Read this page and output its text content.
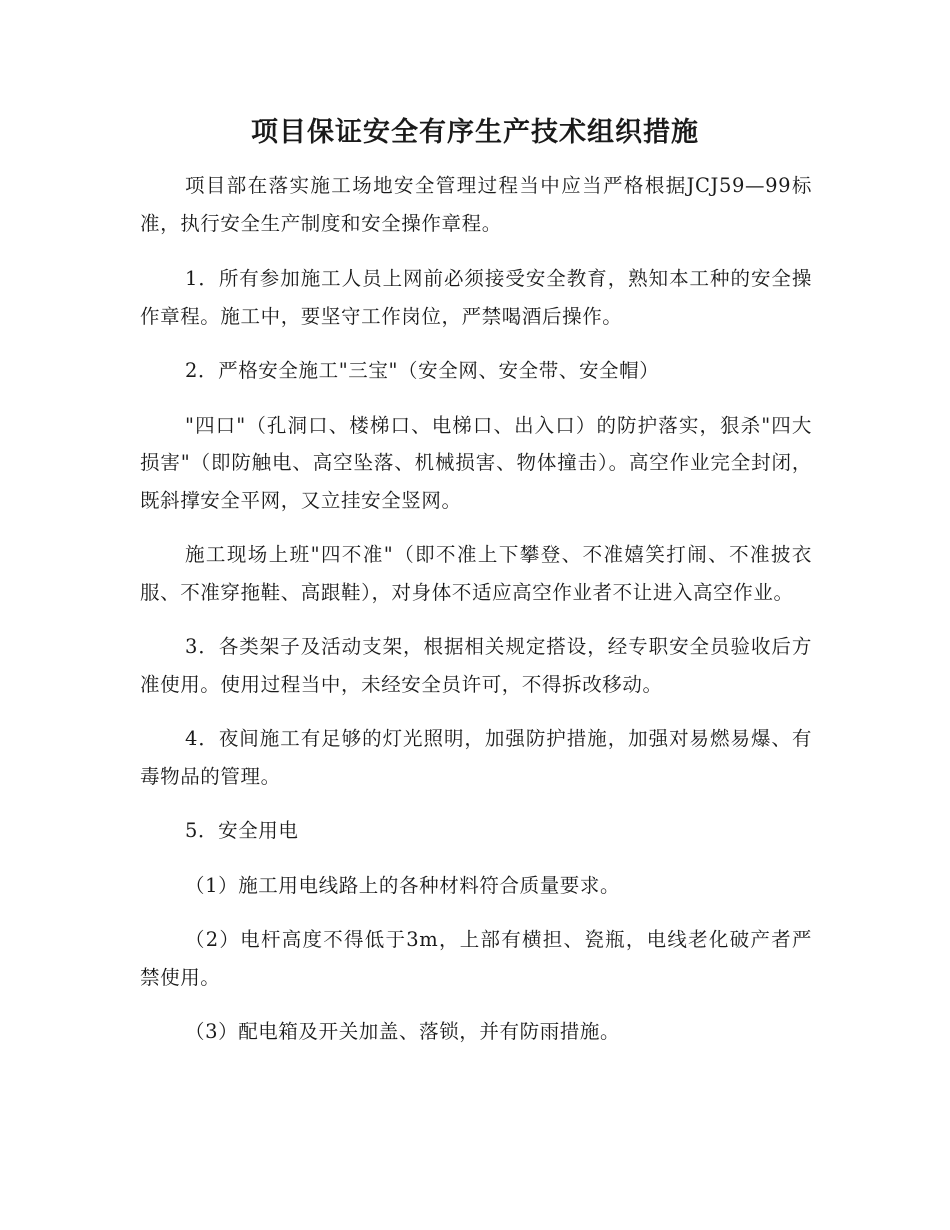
项目保证安全有序生产技术组织措施

项目部在落实施工场地安全管理过程当中应当严格根据JCJ59—99标准，执行安全生产制度和安全操作章程。

1．所有参加施工人员上网前必须接受安全教育，熟知本工种的安全操作章程。施工中，要坚守工作岗位，严禁喝酒后操作。

2．严格安全施工"三宝"（安全网、安全带、安全帽）

"四口"（孔洞口、楼梯口、电梯口、出入口）的防护落实，狠杀"四大损害"（即防触电、高空坠落、机械损害、物体撞击）。高空作业完全封闭，既斜撑安全平网，又立挂安全竖网。

施工现场上班"四不准"（即不准上下攀登、不准嬉笑打闹、不准披衣服、不准穿拖鞋、高跟鞋），对身体不适应高空作业者不让进入高空作业。

3．各类架子及活动支架，根据相关规定搭设，经专职安全员验收后方准使用。使用过程当中，未经安全员许可，不得拆改移动。

4．夜间施工有足够的灯光照明，加强防护措施，加强对易燃易爆、有毒物品的管理。

5．安全用电

（1）施工用电线路上的各种材料符合质量要求。

（2）电杆高度不得低于3m，上部有横担、瓷瓶，电线老化破产者严禁使用。

（3）配电箱及开关加盖、落锁，并有防雨措施。
